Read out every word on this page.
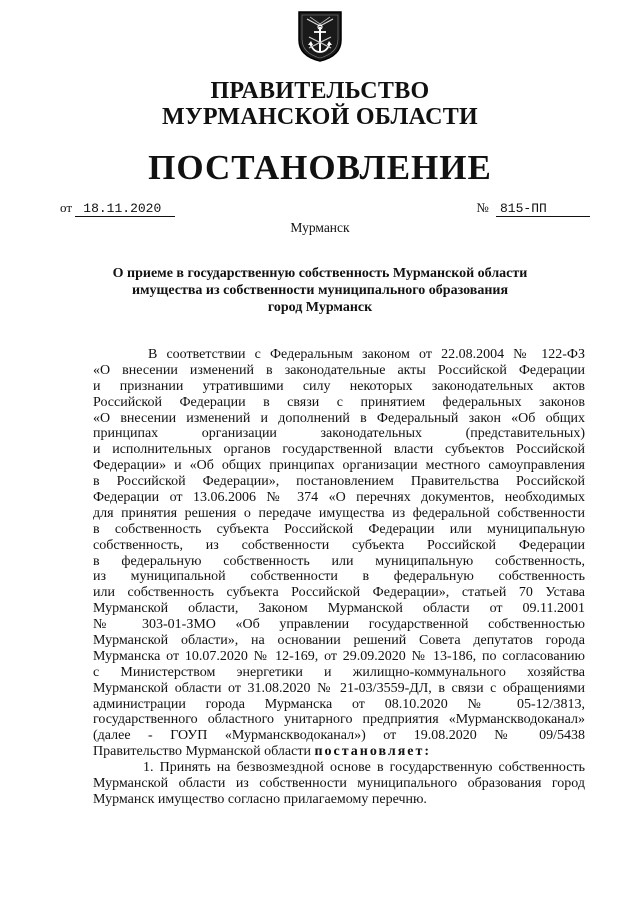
ПРАВИТЕЛЬСТВО
МУРМАНСКОЙ ОБЛАСТИ
ПОСТАНОВЛЕНИЕ
от 18.11.2020	№ 815-ПП
Мурманск
О приеме в государственную собственность Мурманской области
имущества из собственности муниципального образования
город Мурманск
В соответствии с Федеральным законом от 22.08.2004 № 122-ФЗ
«О внесении изменений в законодательные акты Российской Федерации
и признании утратившими силу некоторых законодательных актов
Российской Федерации в связи с принятием федеральных законов
«О внесении изменений и дополнений в Федеральный закон «Об общих
принципах организации законодательных (представительных)
и исполнительных органов государственной власти субъектов Российской
Федерации» и «Об общих принципах организации местного самоуправления
в Российской Федерации», постановлением Правительства Российской
Федерации от 13.06.2006 № 374 «О перечнях документов, необходимых
для принятия решения о передаче имущества из федеральной собственности
в собственность субъекта Российской Федерации или муниципальную
собственность, из собственности субъекта Российской Федерации
в федеральную собственность или муниципальную собственность,
из муниципальной собственности в федеральную собственность
или собственность субъекта Российской Федерации», статьей 70 Устава
Мурманской области, Законом Мурманской области от 09.11.2001
№ 303-01-ЗМО «Об управлении государственной собственностью
Мурманской области», на основании решений Совета депутатов города
Мурманска от 10.07.2020 № 12-169, от 29.09.2020 № 13-186, по согласованию
с Министерством энергетики и жилищно-коммунального хозяйства
Мурманской области от 31.08.2020 № 21-03/3559-ДЛ, в связи с обращениями
администрации города Мурманска от 08.10.2020 № 05-12/3813,
государственного областного унитарного предприятия «Мурманскводоканал»
(далее - ГОУП «Мурманскводоканал») от 19.08.2020 № 09/5438
Правительство Мурманской области постановляет:
1. Принять на безвозмездной основе в государственную собственность
Мурманской области из собственности муниципального образования город
Мурманск имущество согласно прилагаемому перечню.
